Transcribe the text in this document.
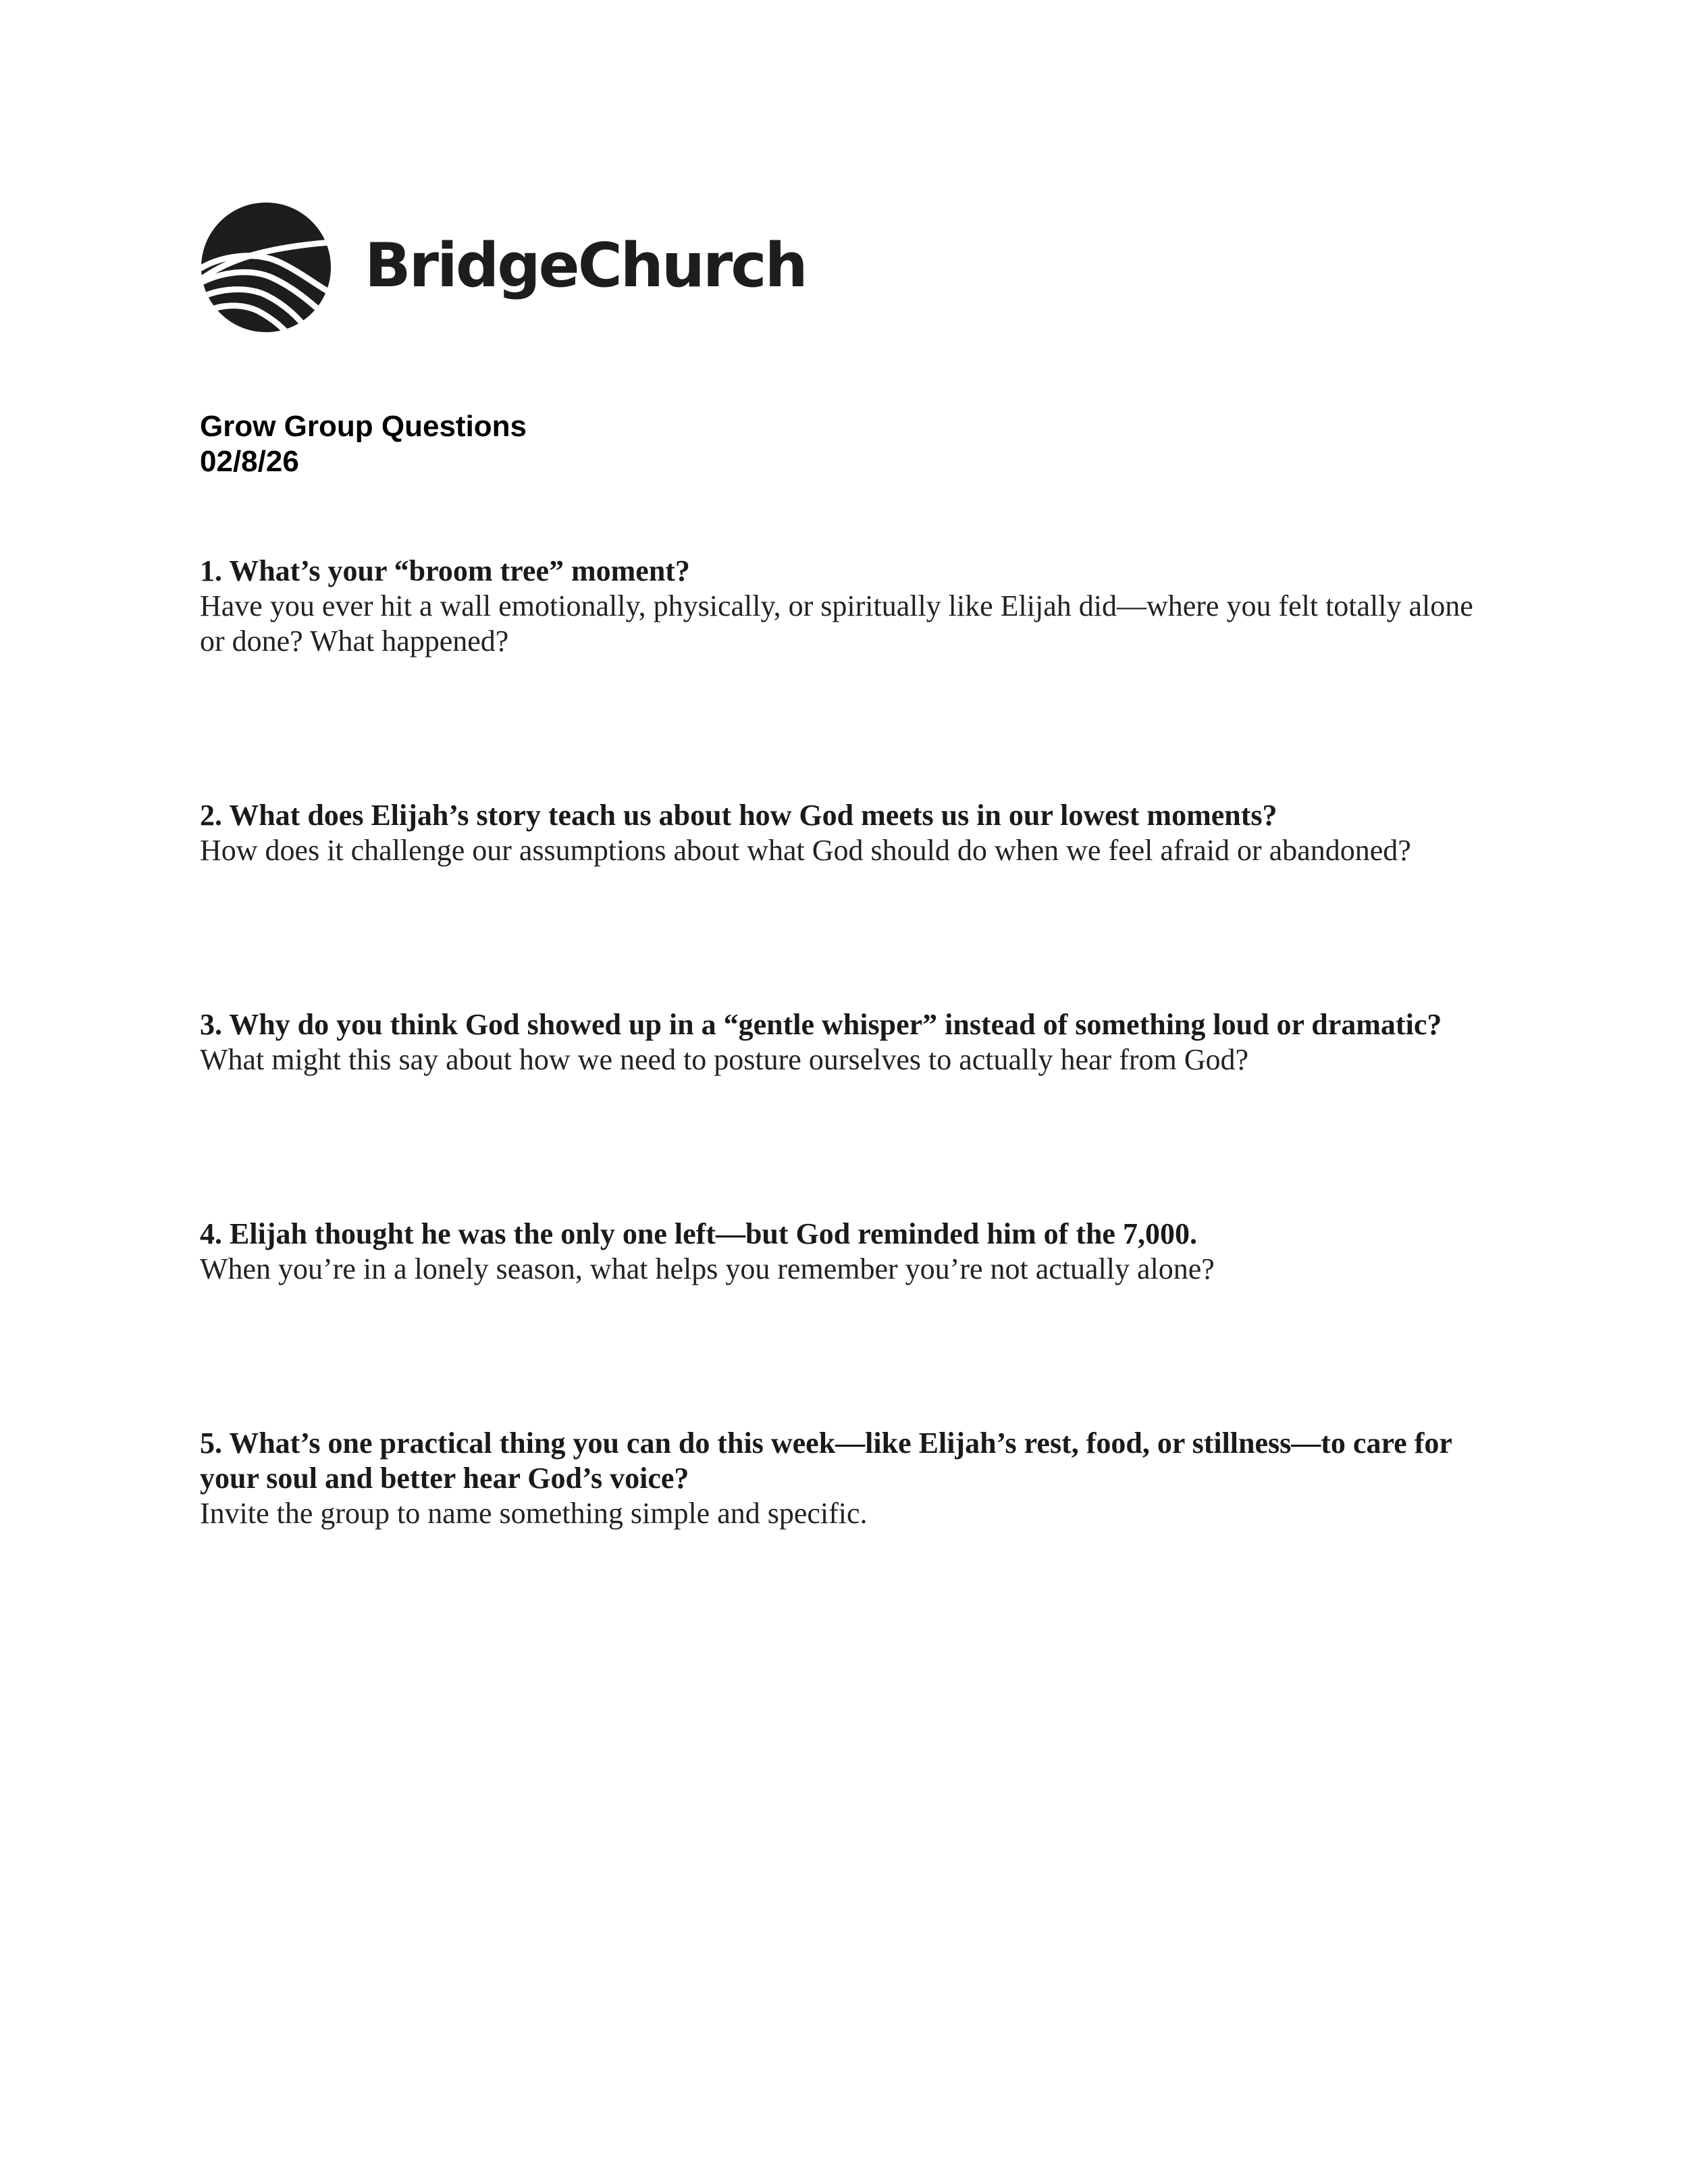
BridgeChurch
Grow Group Questions
02/8/26
1. What’s your “broom tree” moment?
Have you ever hit a wall emotionally, physically, or spiritually like Elijah did—where you felt totally alone or done? What happened?
2. What does Elijah’s story teach us about how God meets us in our lowest moments?
How does it challenge our assumptions about what God should do when we feel afraid or abandoned?
3. Why do you think God showed up in a “gentle whisper” instead of something loud or dramatic?
What might this say about how we need to posture ourselves to actually hear from God?
4. Elijah thought he was the only one left—but God reminded him of the 7,000.
When you’re in a lonely season, what helps you remember you’re not actually alone?
5. What’s one practical thing you can do this week—like Elijah’s rest, food, or stillness—to care for your soul and better hear God’s voice?
Invite the group to name something simple and specific.
